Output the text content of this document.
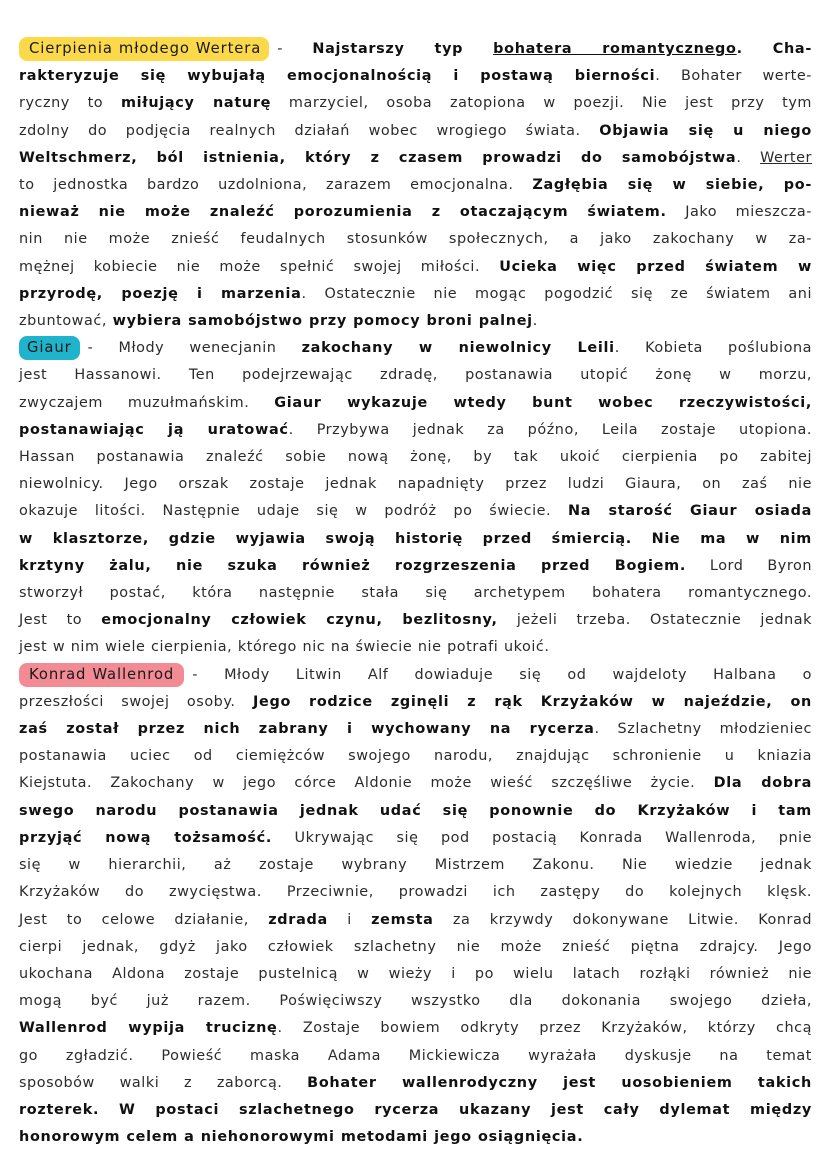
Cierpienia młodego Wertera - Najstarszy typ bohatera romantycznego. Cha-
rakteryzuje się wybujałą emocjonalnością i postawą bierności. Bohater werte-
ryczny to miłujący naturę marzyciel, osoba zatopiona w poezji. Nie jest przy tym
zdolny do podjęcia realnych działań wobec wrogiego świata. Objawia się u niego
Weltschmerz, ból istnienia, który z czasem prowadzi do samobójstwa. Werter
to jednostka bardzo uzdolniona, zarazem emocjonalna. Zagłębia się w siebie, po-
nieważ nie może znaleźć porozumienia z otaczającym światem. Jako mieszcza-
nin nie może znieść feudalnych stosunków społecznych, a jako zakochany w za-
mężnej kobiecie nie może spełnić swojej miłości. Ucieka więc przed światem w
przyrodę, poezję i marzenia. Ostatecznie nie mogąc pogodzić się ze światem ani
zbuntować, wybiera samobójstwo przy pomocy broni palnej.
Giaur - Młody wenecjanin zakochany w niewolnicy Leili. Kobieta poślubiona
jest Hassanowi. Ten podejrzewając zdradę, postanawia utopić żonę w morzu,
zwyczajem muzułmańskim. Giaur wykazuje wtedy bunt wobec rzeczywistości,
postanawiając ją uratować. Przybywa jednak za późno, Leila zostaje utopiona.
Hassan postanawia znaleźć sobie nową żonę, by tak ukoić cierpienia po zabitej
niewolnicy. Jego orszak zostaje jednak napadnięty przez ludzi Giaura, on zaś nie
okazuje litości. Następnie udaje się w podróż po świecie. Na starość Giaur osiada
w klasztorze, gdzie wyjawia swoją historię przed śmiercią. Nie ma w nim
krztyny żalu, nie szuka również rozgrzeszenia przed Bogiem. Lord Byron
stworzył postać, która następnie stała się archetypem bohatera romantycznego.
Jest to emocjonalny człowiek czynu, bezlitosny, jeżeli trzeba. Ostatecznie jednak
jest w nim wiele cierpienia, którego nic na świecie nie potrafi ukoić.
Konrad Wallenrod - Młody Litwin Alf dowiaduje się od wajdeloty Halbana o
przeszłości swojej osoby. Jego rodzice zginęli z rąk Krzyżaków w najeździe, on
zaś został przez nich zabrany i wychowany na rycerza. Szlachetny młodzieniec
postanawia uciec od ciemiężców swojego narodu, znajdując schronienie u kniazia
Kiejstuta. Zakochany w jego córce Aldonie może wieść szczęśliwe życie. Dla dobra
swego narodu postanawia jednak udać się ponownie do Krzyżaków i tam
przyjąć nową tożsamość. Ukrywając się pod postacią Konrada Wallenroda, pnie
się w hierarchii, aż zostaje wybrany Mistrzem Zakonu. Nie wiedzie jednak
Krzyżaków do zwycięstwa. Przeciwnie, prowadzi ich zastępy do kolejnych klęsk.
Jest to celowe działanie, zdrada i zemsta za krzywdy dokonywane Litwie. Konrad
cierpi jednak, gdyż jako człowiek szlachetny nie może znieść piętna zdrajcy. Jego
ukochana Aldona zostaje pustelnicą w wieży i po wielu latach rozłąki również nie
mogą być już razem. Poświęciwszy wszystko dla dokonania swojego dzieła,
Wallenrod wypija truciznę. Zostaje bowiem odkryty przez Krzyżaków, którzy chcą
go zgładzić. Powieść maska Adama Mickiewicza wyrażała dyskusje na temat
sposobów walki z zaborcą. Bohater wallenrodyczny jest uosobieniem takich
rozterek. W postaci szlachetnego rycerza ukazany jest cały dylemat między
honorowym celem a niehonorowymi metodami jego osiągnięcia.
